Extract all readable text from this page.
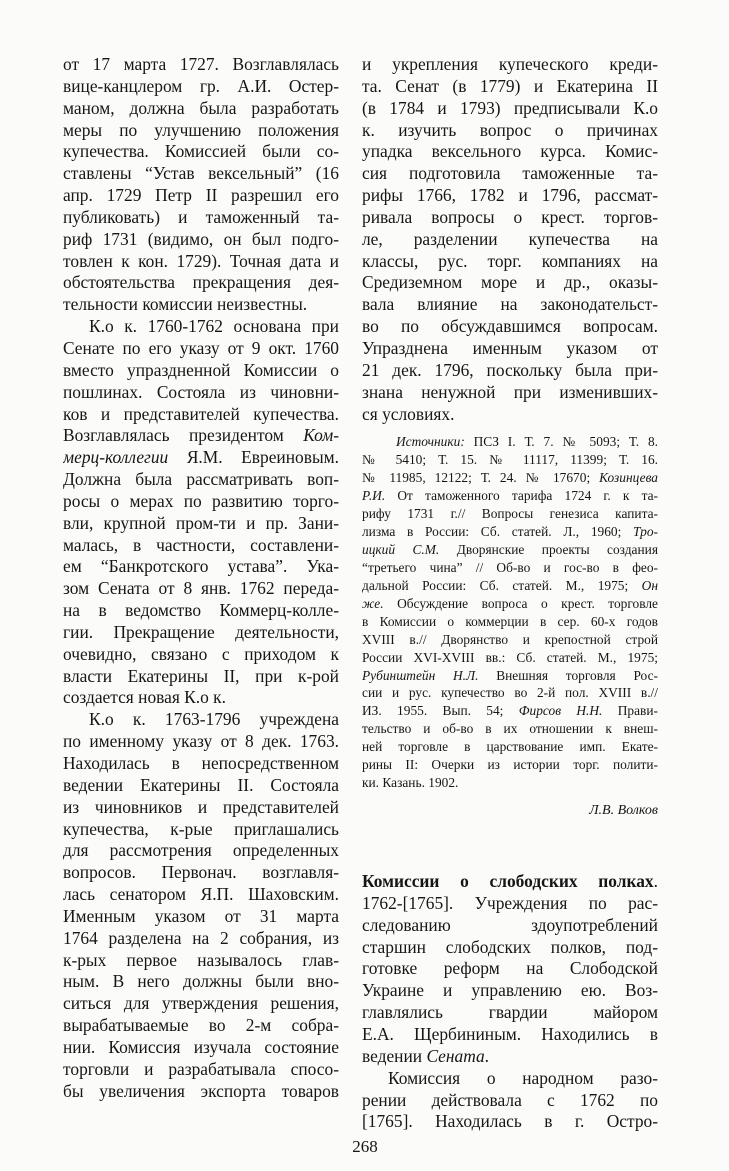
от 17 марта 1727. Возглавлялась
вице-канцлером гр. А.И. Остер-
маном, должна была разработать
меры по улучшению положения
купечества. Комиссией были со-
ставлены “Устав вексельный” (16
апр. 1729 Петр II разрешил его
публиковать) и таможенный та-
риф 1731 (видимо, он был подго-
товлен к кон. 1729). Точная дата и
обстоятельства прекращения дея-
тельности комиссии неизвестны.
К.о к. 1760-1762 основана при
Сенате по его указу от 9 окт. 1760
вместо упраздненной Комиссии о
пошлинах. Состояла из чиновни-
ков и представителей купечества.
Возглавлялась президентом Ком-
мерц-коллегии Я.М. Евреиновым.
Должна была рассматривать воп-
росы о мерах по развитию торго-
вли, крупной пром-ти и пр. Зани-
малась, в частности, составлени-
ем “Банкротского устава”. Ука-
зом Сената от 8 янв. 1762 переда-
на в ведомство Коммерц-колле-
гии. Прекращение деятельности,
очевидно, связано с приходом к
власти Екатерины II, при к-рой
создается новая К.о к.
К.о к. 1763-1796 учреждена
по именному указу от 8 дек. 1763.
Находилась в непосредственном
ведении Екатерины II. Состояла
из чиновников и представителей
купечества, к-рые приглашались
для рассмотрения определенных
вопросов. Первонач. возглавля-
лась сенатором Я.П. Шаховским.
Именным указом от 31 марта
1764 разделена на 2 собрания, из
к-рых первое называлось глав-
ным. В него должны были вно-
ситься для утверждения решения,
вырабатываемые во 2-м собра-
нии. Комиссия изучала состояние
торговли и разрабатывала спосо-
бы увеличения экспорта товаров
и укрепления купеческого креди-
та. Сенат (в 1779) и Екатерина II
(в 1784 и 1793) предписывали К.о
к. изучить вопрос о причинах
упадка вексельного курса. Комис-
сия подготовила таможенные та-
рифы 1766, 1782 и 1796, рассмат-
ривала вопросы о крест. торгов-
ле, разделении купечества на
классы, рус. торг. компаниях на
Средиземном море и др., оказы-
вала влияние на законодательст-
во по обсуждавшимся вопросам.
Упразднена именным указом от
21 дек. 1796, поскольку была при-
знана ненужной при изменивших-
ся условиях.
Источники: ПСЗ I. Т. 7. № 5093; Т. 8.
№ 5410; Т. 15. № 11117, 11399; Т. 16.
№ 11985, 12122; Т. 24. № 17670; Козинцева
Р.И. От таможенного тарифа 1724 г. к та-
рифу 1731 г.// Вопросы генезиса капита-
лизма в России: Сб. статей. Л., 1960; Тро-
ицкий С.М. Дворянские проекты создания
“третьего чина” // Об-во и гос-во в фео-
дальной России: Сб. статей. М., 1975; Он
же. Обсуждение вопроса о крест. торговле
в Комиссии о коммерции в сер. 60-х годов
XVIII в.// Дворянство и крепостной строй
России XVI-XVIII вв.: Сб. статей. М., 1975;
Рубинштейн Н.Л. Внешняя торговля Рос-
сии и рус. купечество во 2-й пол. XVIII в.//
ИЗ. 1955. Вып. 54; Фирсов Н.Н. Прави-
тельство и об-во в их отношении к внеш-
ней торговле в царствование имп. Екате-
рины II: Очерки из истории торг. полити-
ки. Казань. 1902.
Л.В. Волков
Комиссии о слободских полках.
1762-[1765]. Учреждения по рас-
следованию здоупотреблений
старшин слободских полков, под-
готовке реформ на Слободской
Украине и управлению ею. Воз-
главлялись гвардии майором
Е.А. Щербининым. Находились в
ведении Сената.
Комиссия о народном разо-
рении действовала с 1762 по
[1765]. Находилась в г. Остро-
268
